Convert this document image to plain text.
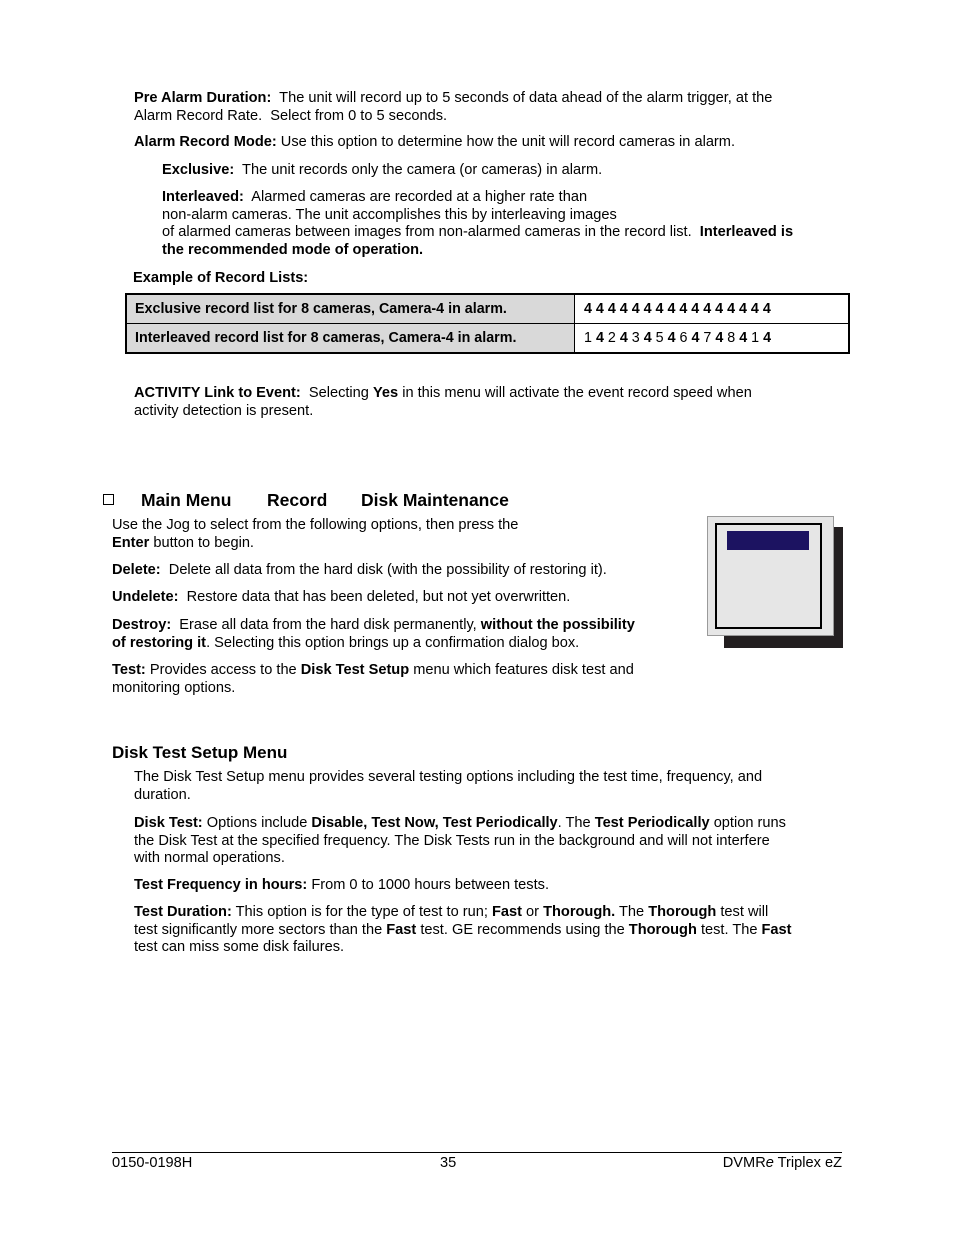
Pre Alarm Duration:  The unit will record up to 5 seconds of data ahead of the alarm trigger, at the
Alarm Record Rate.  Select from 0 to 5 seconds.
Alarm Record Mode: Use this option to determine how the unit will record cameras in alarm.
Exclusive:  The unit records only the camera (or cameras) in alarm.
Interleaved:  Alarmed cameras are recorded at a higher rate than
non-alarm cameras. The unit accomplishes this by interleaving images
of alarmed cameras between images from non-alarmed cameras in the record list.  Interleaved is
the recommended mode of operation.
Example of Record Lists:
Exclusive record list for 8 cameras, Camera-4 in alarm.	4 4 4 4 4 4 4 4 4 4 4 4 4 4 4 4
Interleaved record list for 8 cameras, Camera-4 in alarm.	1 4 2 4 3 4 5 4 6 4 7 4 8 4 1 4
ACTIVITY Link to Event:  Selecting Yes in this menu will activate the event record speed when
activity detection is present.
Main Menu Record Disk Maintenance
Use the Jog to select from the following options, then press the
Enter button to begin.
Delete:  Delete all data from the hard disk (with the possibility of restoring it).
Undelete:  Restore data that has been deleted, but not yet overwritten.
Destroy:  Erase all data from the hard disk permanently, without the possibility
of restoring it. Selecting this option brings up a confirmation dialog box.
Test: Provides access to the Disk Test Setup menu which features disk test and
monitoring options.
Disk Test Setup Menu
The Disk Test Setup menu provides several testing options including the test time, frequency, and
duration.
Disk Test: Options include Disable, Test Now, Test Periodically. The Test Periodically option runs
the Disk Test at the specified frequency. The Disk Tests run in the background and will not interfere
with normal operations.
Test Frequency in hours: From 0 to 1000 hours between tests.
Test Duration: This option is for the type of test to run; Fast or Thorough. The Thorough test will
test significantly more sectors than the Fast test. GE recommends using the Thorough test. The Fast
test can miss some disk failures.
0150-0198H	35	DVMRe Triplex eZ
